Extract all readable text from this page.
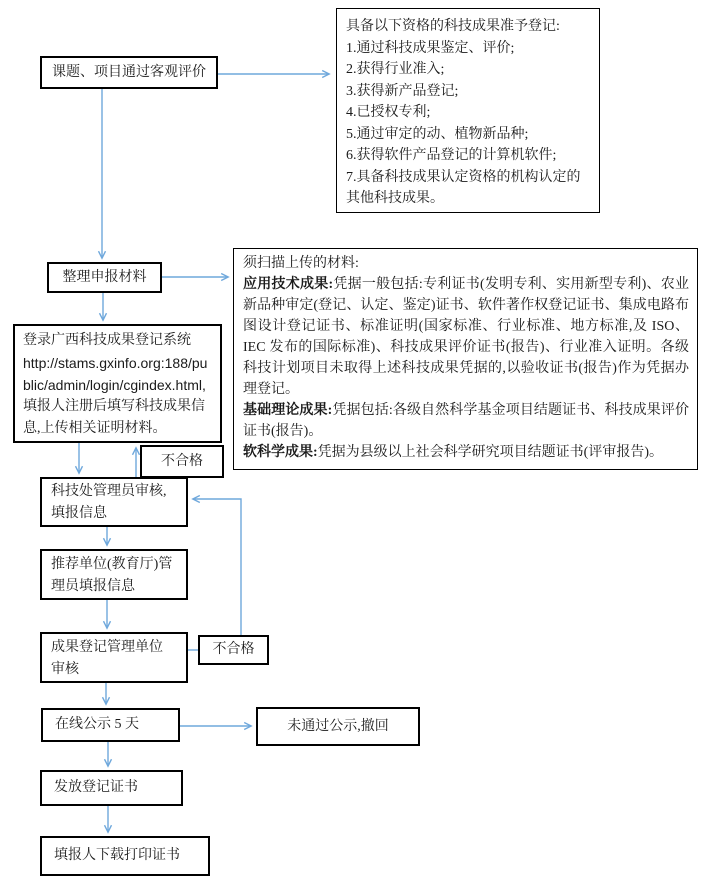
课题、项目通过客观评价
具备以下资格的科技成果准予登记:
1.通过科技成果鉴定、评价;
2.获得行业准入;
3.获得新产品登记;
4.已授权专利;
5.通过审定的动、植物新品种;
6.获得软件产品登记的计算机软件;
7.具备科技成果认定资格的机构认定的其他科技成果。
整理申报材料
须扫描上传的材料:
应用技术成果:凭据一般包括:专利证书(发明专利、实用新型专利)、农业新品种审定(登记、认定、鉴定)证书、软件著作权登记证书、集成电路布图设计登记证书、标准证明(国家标准、行业标准、地方标准,及 ISO、IEC 发布的国际标准)、科技成果评价证书(报告)、行业准入证明。各级科技计划项目未取得上述科技成果凭据的,以验收证书(报告)作为凭据办理登记。
基础理论成果:凭据包括:各级自然科学基金项目结题证书、科技成果评价证书(报告)。
软科学成果:凭据为县级以上社会科学研究项目结题证书(评审报告)。
登录广西科技成果登记系统
http://stams.gxinfo.org:188/public/admin/login/cgindex.html,
填报人注册后填写科技成果信息,上传相关证明材料。
不合格
科技处管理员审核,填报信息
推荐单位(教育厅)管理员填报信息
成果登记管理单位审核
不合格
在线公示 5 天	未通过公示,撤回
发放登记证书
填报人下载打印证书
